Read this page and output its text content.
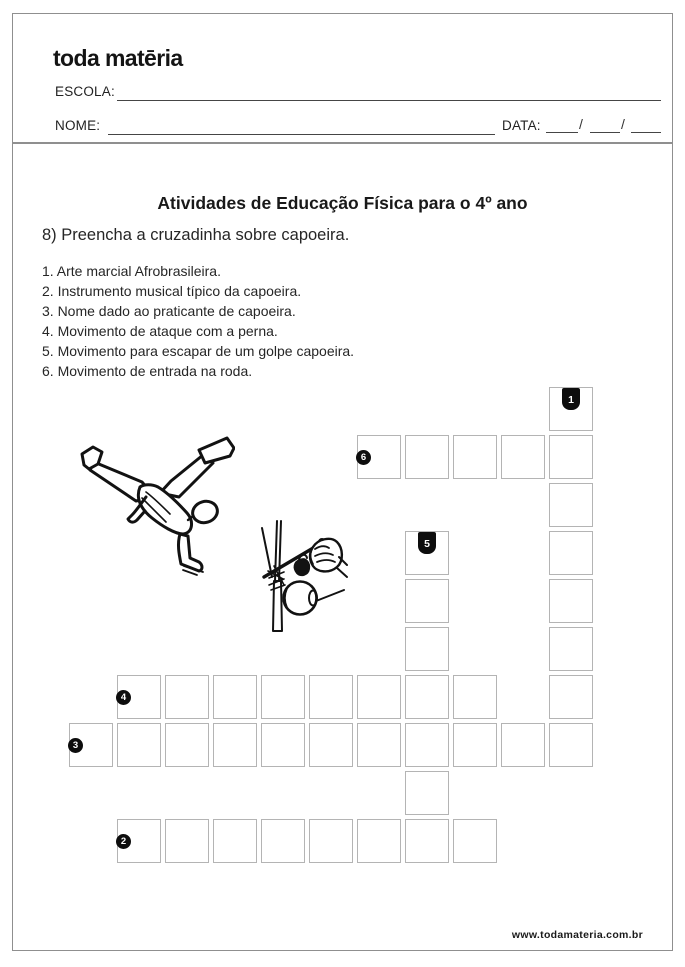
toda matēria
ESCOLA:
NOME:	DATA:	/	/
Atividades de Educação Física para o 4º ano
8) Preencha a cruzadinha sobre capoeira.
1. Arte marcial Afrobrasileira.
2. Instrumento musical típico da capoeira.
3. Nome dado ao praticante de capoeira.
4. Movimento de ataque com a perna.
5. Movimento para escapar de um golpe capoeira.
6. Movimento de entrada na roda.
1
6
5
4
3
2
www.todamateria.com.br
